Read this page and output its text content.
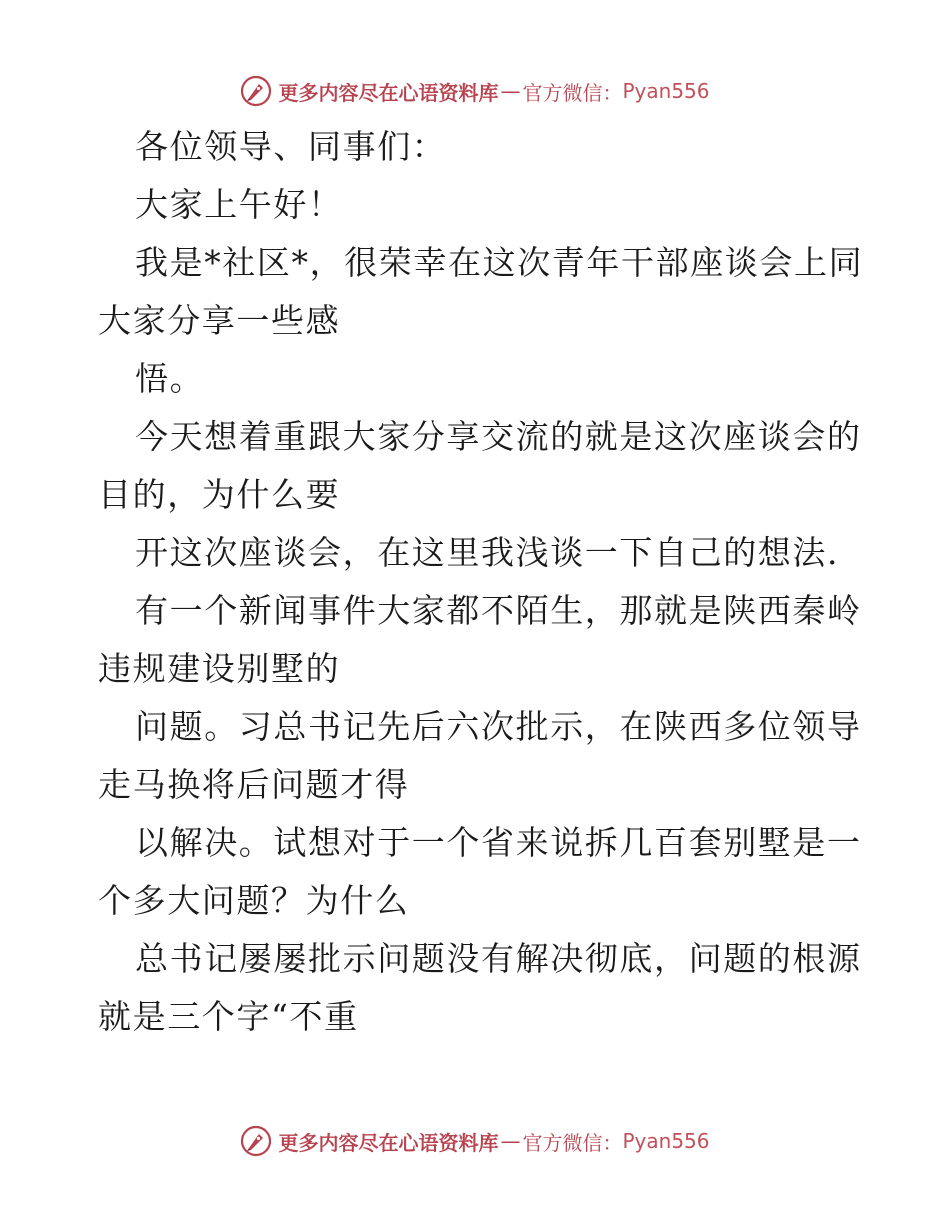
更多内容尽在心语资料库 — 官方微信： Pyan556
各位领导、同事们：
大家上午好！
我是*社区*，很荣幸在这次青年干部座谈会上同
大家分享一些感
悟。
今天想着重跟大家分享交流的就是这次座谈会的
目的，为什么要
开这次座谈会，在这里我浅谈一下自己的想法.
有一个新闻事件大家都不陌生，那就是陕西秦岭
违规建设别墅的
问题。习总书记先后六次批示，在陕西多位领导
走马换将后问题才得
以解决。试想对于一个省来说拆几百套别墅是一
个多大问题？为什么
总书记屡屡批示问题没有解决彻底，问题的根源
就是三个字“不重
更多内容尽在心语资料库 — 官方微信： Pyan556
